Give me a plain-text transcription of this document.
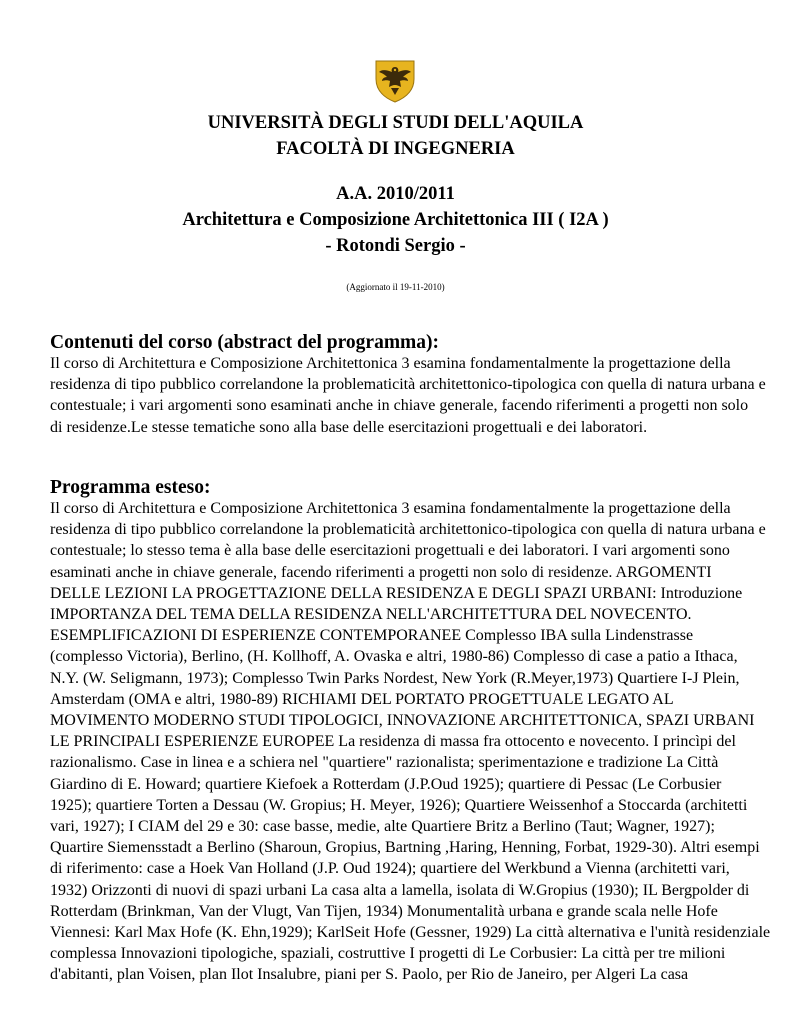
UNIVERSITÀ DEGLI STUDI DELL'AQUILA
FACOLTÀ DI INGEGNERIA
A.A. 2010/2011
Architettura e Composizione Architettonica III ( I2A )
- Rotondi Sergio -
(Aggiornato il 19-11-2010)
Contenuti del corso (abstract del programma):
Il corso di Architettura e Composizione Architettonica 3 esamina fondamentalmente la progettazione della
residenza di tipo pubblico correlandone la problematicità architettonico-tipologica con quella di natura urbana e
contestuale; i vari argomenti sono esaminati anche in chiave generale, facendo riferimenti a progetti non solo
di residenze.Le stesse tematiche sono alla base delle esercitazioni progettuali e dei laboratori.
Programma esteso:
Il corso di Architettura e Composizione Architettonica 3 esamina fondamentalmente la progettazione della
residenza di tipo pubblico correlandone la problematicità architettonico-tipologica con quella di natura urbana e
contestuale; lo stesso tema è alla base delle esercitazioni progettuali e dei laboratori. I vari argomenti sono
esaminati anche in chiave generale, facendo riferimenti a progetti non solo di residenze. ARGOMENTI
DELLE LEZIONI LA PROGETTAZIONE DELLA RESIDENZA E DEGLI SPAZI URBANI: Introduzione
IMPORTANZA DEL TEMA DELLA RESIDENZA NELL'ARCHITETTURA DEL NOVECENTO.
ESEMPLIFICAZIONI DI ESPERIENZE CONTEMPORANEE Complesso IBA sulla Lindenstrasse
(complesso Victoria), Berlino, (H. Kollhoff, A. Ovaska e altri, 1980-86) Complesso di case a patio a Ithaca,
N.Y. (W. Seligmann, 1973); Complesso Twin Parks Nordest, New York (R.Meyer,1973) Quartiere I-J Plein,
Amsterdam (OMA e altri, 1980-89) RICHIAMI DEL PORTATO PROGETTUALE LEGATO AL
MOVIMENTO MODERNO STUDI TIPOLOGICI, INNOVAZIONE ARCHITETTONICA, SPAZI URBANI
LE PRINCIPALI ESPERIENZE EUROPEE La residenza di massa fra ottocento e novecento. I princìpi del
razionalismo. Case in linea e a schiera nel "quartiere" razionalista; sperimentazione e tradizione La Città
Giardino di E. Howard; quartiere Kiefoek a Rotterdam (J.P.Oud 1925); quartiere di Pessac (Le Corbusier
1925); quartiere Torten a Dessau (W. Gropius; H. Meyer, 1926); Quartiere Weissenhof a Stoccarda (architetti
vari, 1927); I CIAM del 29 e 30: case basse, medie, alte Quartiere Britz a Berlino (Taut; Wagner, 1927);
Quartire Siemensstadt a Berlino (Sharoun, Gropius, Bartning ,Haring, Henning, Forbat, 1929-30). Altri esempi
di riferimento: case a Hoek Van Holland (J.P. Oud 1924); quartiere del Werkbund a Vienna (architetti vari,
1932) Orizzonti di nuovi di spazi urbani La casa alta a lamella, isolata di W.Gropius (1930); IL Bergpolder di
Rotterdam (Brinkman, Van der Vlugt, Van Tijen, 1934) Monumentalità urbana e grande scala nelle Hofe
Viennesi: Karl Max Hofe (K. Ehn,1929); KarlSeit Hofe (Gessner, 1929) La città alternativa e l'unità residenziale
complessa Innovazioni tipologiche, spaziali, costruttive I progetti di Le Corbusier: La città per tre milioni
d'abitanti, plan Voisen, plan Ilot Insalubre, piani per S. Paolo, per Rio de Janeiro, per Algeri La casa
